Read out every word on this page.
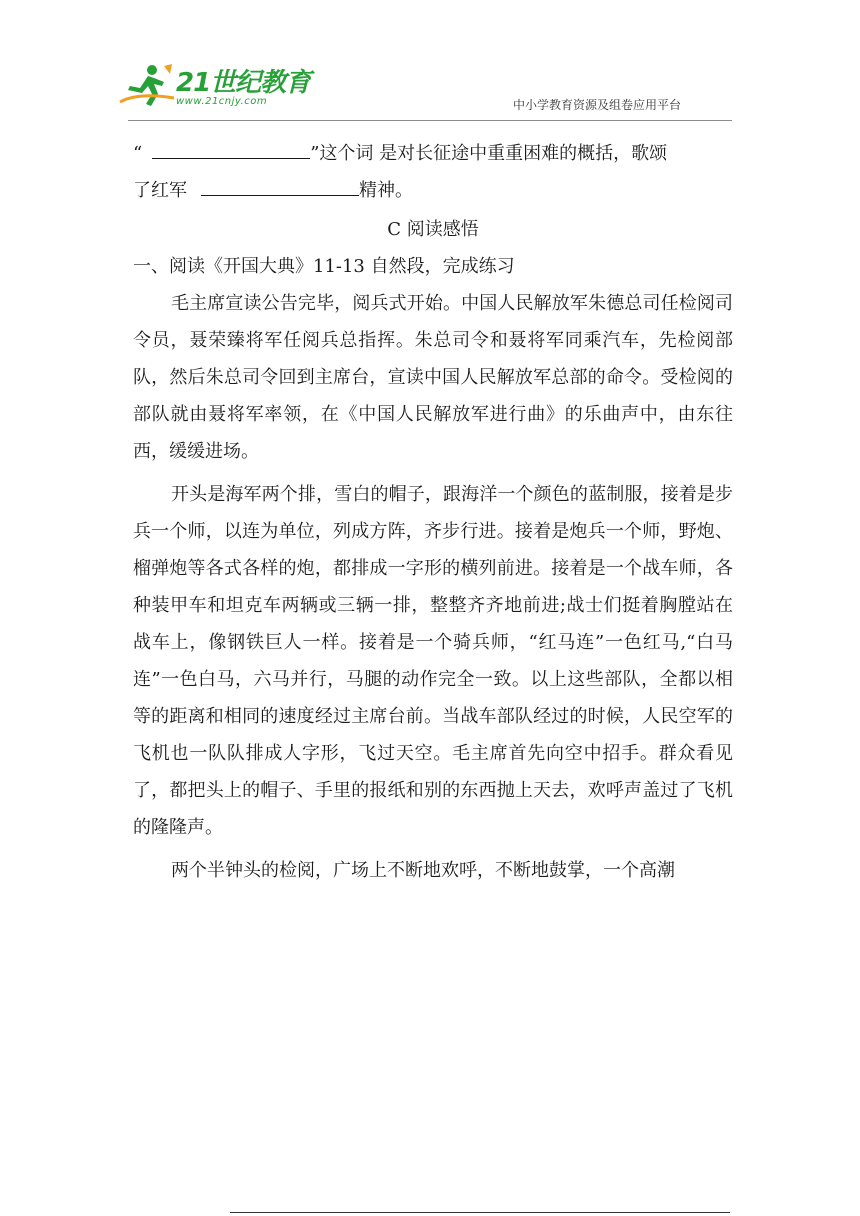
21世纪教育
www.21cnjy.com	中小学教育资源及组卷应用平台
“	”这个词 是对长征途中重重困难的概括，歌颂
了红军	精神。
C 阅读感悟
一、阅读《开国大典》11-13 自然段，完成练习

毛主席宣读公告完毕，阅兵式开始。中国人民解放军朱德总司任检阅司令员，聂荣臻将军任阅兵总指挥。朱总司令和聂将军同乘汽车，先检阅部队，然后朱总司令回到主席台，宣读中国人民解放军总部的命令。受检阅的部队就由聂将军率领，在《中国人民解放军进行曲》的乐曲声中，由东往西，缓缓进场。

开头是海军两个排，雪白的帽子，跟海洋一个颜色的蓝制服，接着是步兵一个师，以连为单位，列成方阵，齐步行进。接着是炮兵一个师，野炮、榴弹炮等各式各样的炮，都排成一字形的横列前进。接着是一个战车师，各种装甲车和坦克车两辆或三辆一排，整整齐齐地前进;战士们挺着胸膛站在战车上，像钢铁巨人一样。接着是一个骑兵师，“红马连”一色红马,“白马连”一色白马，六马并行，马腿的动作完全一致。以上这些部队，全都以相等的距离和相同的速度经过主席台前。当战车部队经过的时候，人民空军的飞机也一队队排成人字形，飞过天空。毛主席首先向空中招手。群众看见了，都把头上的帽子、手里的报纸和别的东西抛上天去，欢呼声盖过了飞机的隆隆声。

两个半钟头的检阅，广场上不断地欢呼，不断地鼓掌，一个高潮
